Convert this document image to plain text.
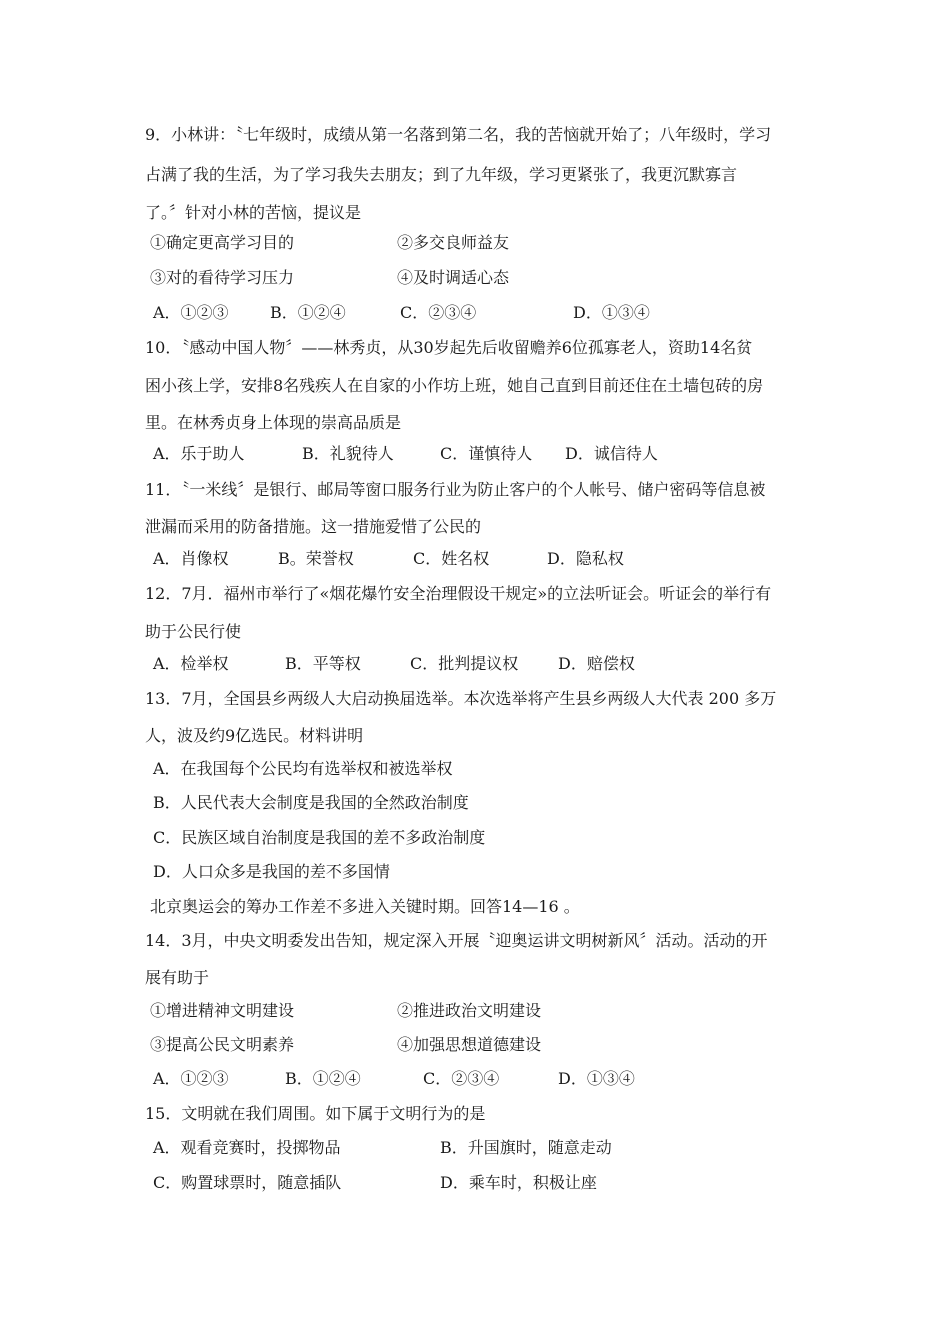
9．小林讲：〝七年级时，成绩从第一名落到第二名，我的苦恼就开始了；八年级时，学习
占满了我的生活，为了学习我失去朋友；到了九年级，学习更紧张了，我更沉默寡言
了。〞针对小林的苦恼，提议是
①确定更高学习目的	②多交良师益友
③对的看待学习压力	④及时调适心态
A．①②③	B．①②④	C．②③④	D．①③④
10．〝感动中国人物〞——林秀贞，从30岁起先后收留赡养6位孤寡老人，资助14名贫
困小孩上学，安排8名残疾人在自家的小作坊上班，她自己直到目前还住在土墙包砖的房
里。在林秀贞身上体现的崇高品质是
A．乐于助人	B．礼貌待人	C．谨慎待人 D．诚信待人
11．〝一米线〞是银行、邮局等窗口服务行业为防止客户的个人帐号、储户密码等信息被
泄漏而采用的防备措施。这一措施爱惜了公民的
A．肖像权	B。荣誉权	C．姓名权	D．隐私权
12．7月．福州市举行了«烟花爆竹安全治理假设干规定»的立法听证会。听证会的举行有
助于公民行使
A．检举权	B．平等权	C．批判提议权 D．赔偿权
13．7月，全国县乡两级人大启动换届选举。本次选举将产生县乡两级人大代表 200 多万
人，波及约9亿选民。材料讲明
A．在我国每个公民均有选举权和被选举权
B．人民代表大会制度是我国的全然政治制度
C．民族区域自治制度是我国的差不多政治制度
D．人口众多是我国的差不多国情
北京奥运会的筹办工作差不多进入关键时期。回答14—16 。
14．3月，中央文明委发出告知，规定深入开展〝迎奥运讲文明树新风〞活动。活动的开
展有助于
①增进精神文明建设	②推进政治文明建设
③提高公民文明素养	④加强思想道德建设
A．①②③	B．①②④	C．②③④	D．①③④
15．文明就在我们周围。如下属于文明行为的是
A．观看竞赛时，投掷物品	B．升国旗时，随意走动
C．购置球票时，随意插队	D．乘车时，积极让座
